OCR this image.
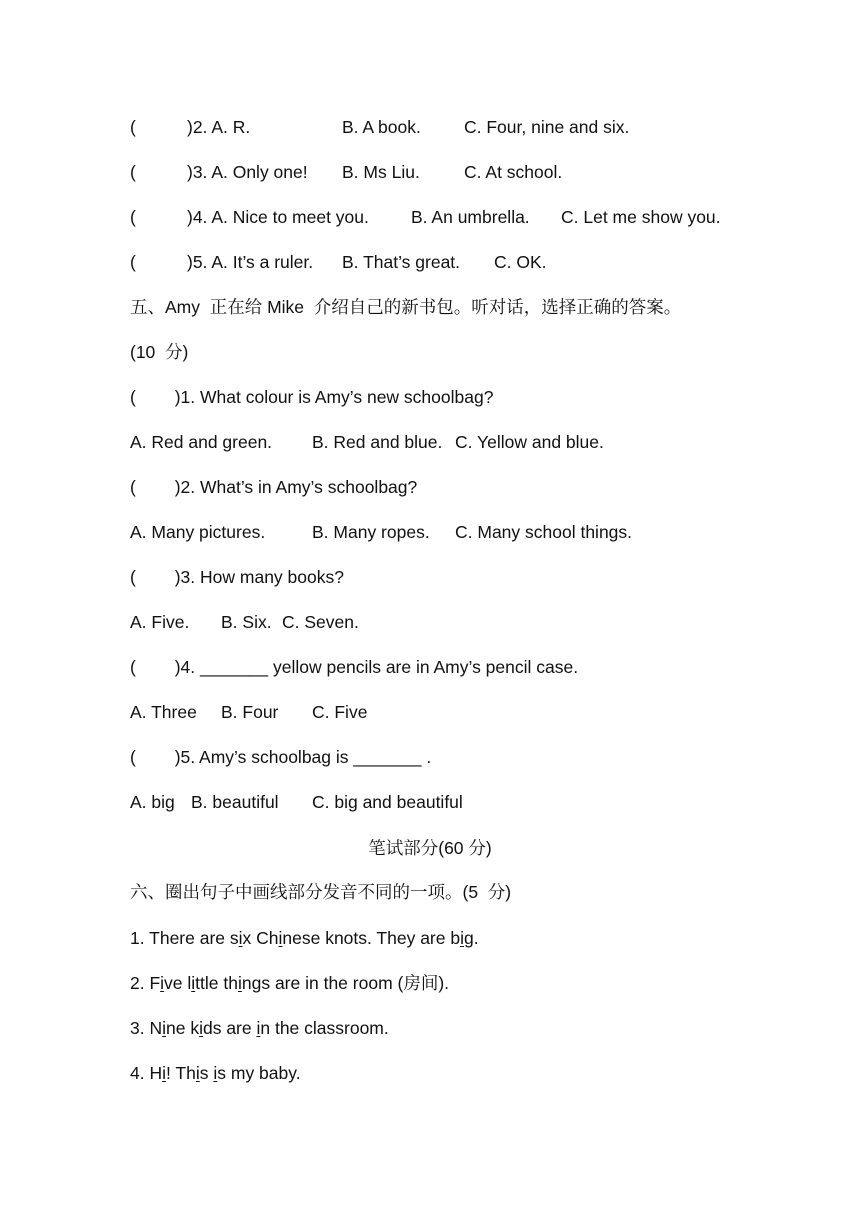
(	)2. A. R.	B. A book. C. Four, nine and six.
(	)3. A. Only one! B. Ms Liu.	C. At school.
(	)4. A. Nice to meet you. B. An umbrella. C. Let me show you.
(	)5. A. It’s a ruler. B. That’s great. C. OK.
五、Amy  正在给 Mike  介绍自己的新书包。听对话，选择正确的答案。
(10  分)
(        )1. What colour is Amy’s new schoolbag?
A. Red and green. B. Red and blue. C. Yellow and blue.
(        )2. What’s in Amy’s schoolbag?
A. Many pictures.	B. Many ropes. C. Many school things.
(        )3. How many books?
A. Five. B. Six. C. Seven.
(        )4. _______ yellow pencils are in Amy’s pencil case.
A. Three B. Four C. Five
(        )5. Amy’s schoolbag is _______ .
A. big B. beautiful C. big and beautiful
笔试部分(60 分)
六、圈出句子中画线部分发音不同的一项。(5  分)
1. There are six Chinese knots. They are big.
2. Five little things are in the room (房间).
3. Nine kids are in the classroom.
4. Hi! This is my baby.
